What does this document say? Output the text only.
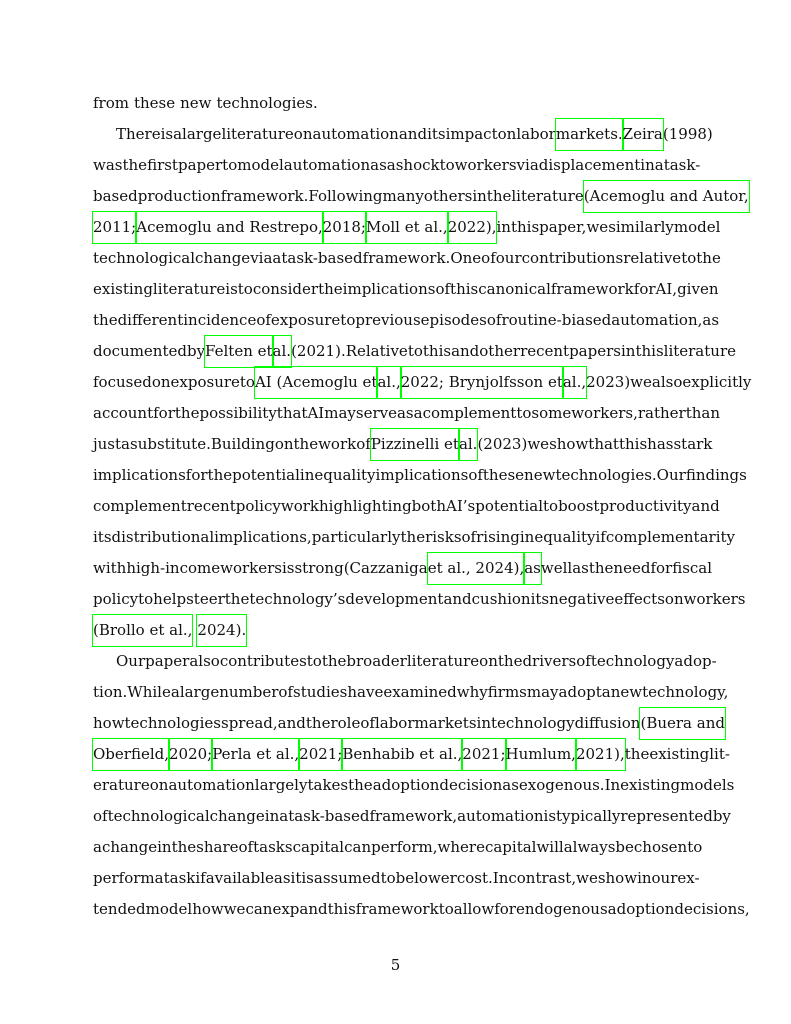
from these new technologies.
There is a large literature on automation and its impact on labor markets. Zeira (1998)
was the first paper to model automation as a shock to workers via displacement in a task-
based production framework. Following many others in the literature (Acemoglu and Autor,
2011; Acemoglu and Restrepo, 2018; Moll et al., 2022), in this paper, we similarly model
technological change via a task-based framework. One of our contributions relative to the
existing literature is to consider the implications of this canonical framework for AI, given
the different incidence of exposure to previous episodes of routine-biased automation, as
documented by Felten et al. (2021). Relative to this and other recent papers in this literature
focused on exposure to AI (Acemoglu et al., 2022; Brynjolfsson et al., 2023) we also explicitly
account for the possibility that AI may serve as a complement to some workers, rather than
just a substitute. Building on the work of Pizzinelli et al. (2023) we show that this has stark
implications for the potential inequality implications of these new technologies. Our findings
complement recent policy work highlighting both AI’s potential to boost productivity and
its distributional implications, particularly the risks of rising inequality if complementarity
with high-income workers is strong (Cazzaniga et al., 2024), as well as the need for fiscal
policy to help steer the technology’s development and cushion its negative effects on workers
(Brollo et al., 2024).
Our paper also contributes to the broader literature on the drivers of technology adop-
tion. While a large number of studies have examined why firms may adopt a new technology,
how technologies spread, and the role of labor markets in technology diffusion (Buera and
Oberfield, 2020; Perla et al., 2021; Benhabib et al., 2021; Humlum, 2021), the existing lit-
erature on automation largely takes the adoption decision as exogenous. In existing models
of technological change in a task-based framework, automation is typically represented by
a change in the share of tasks capital can perform, where capital will always be chosen to
perform a task if available as it is assumed to be lower cost. In contrast, we show in our ex-
tended model how we can expand this framework to allow for endogenous adoption decisions,
5
